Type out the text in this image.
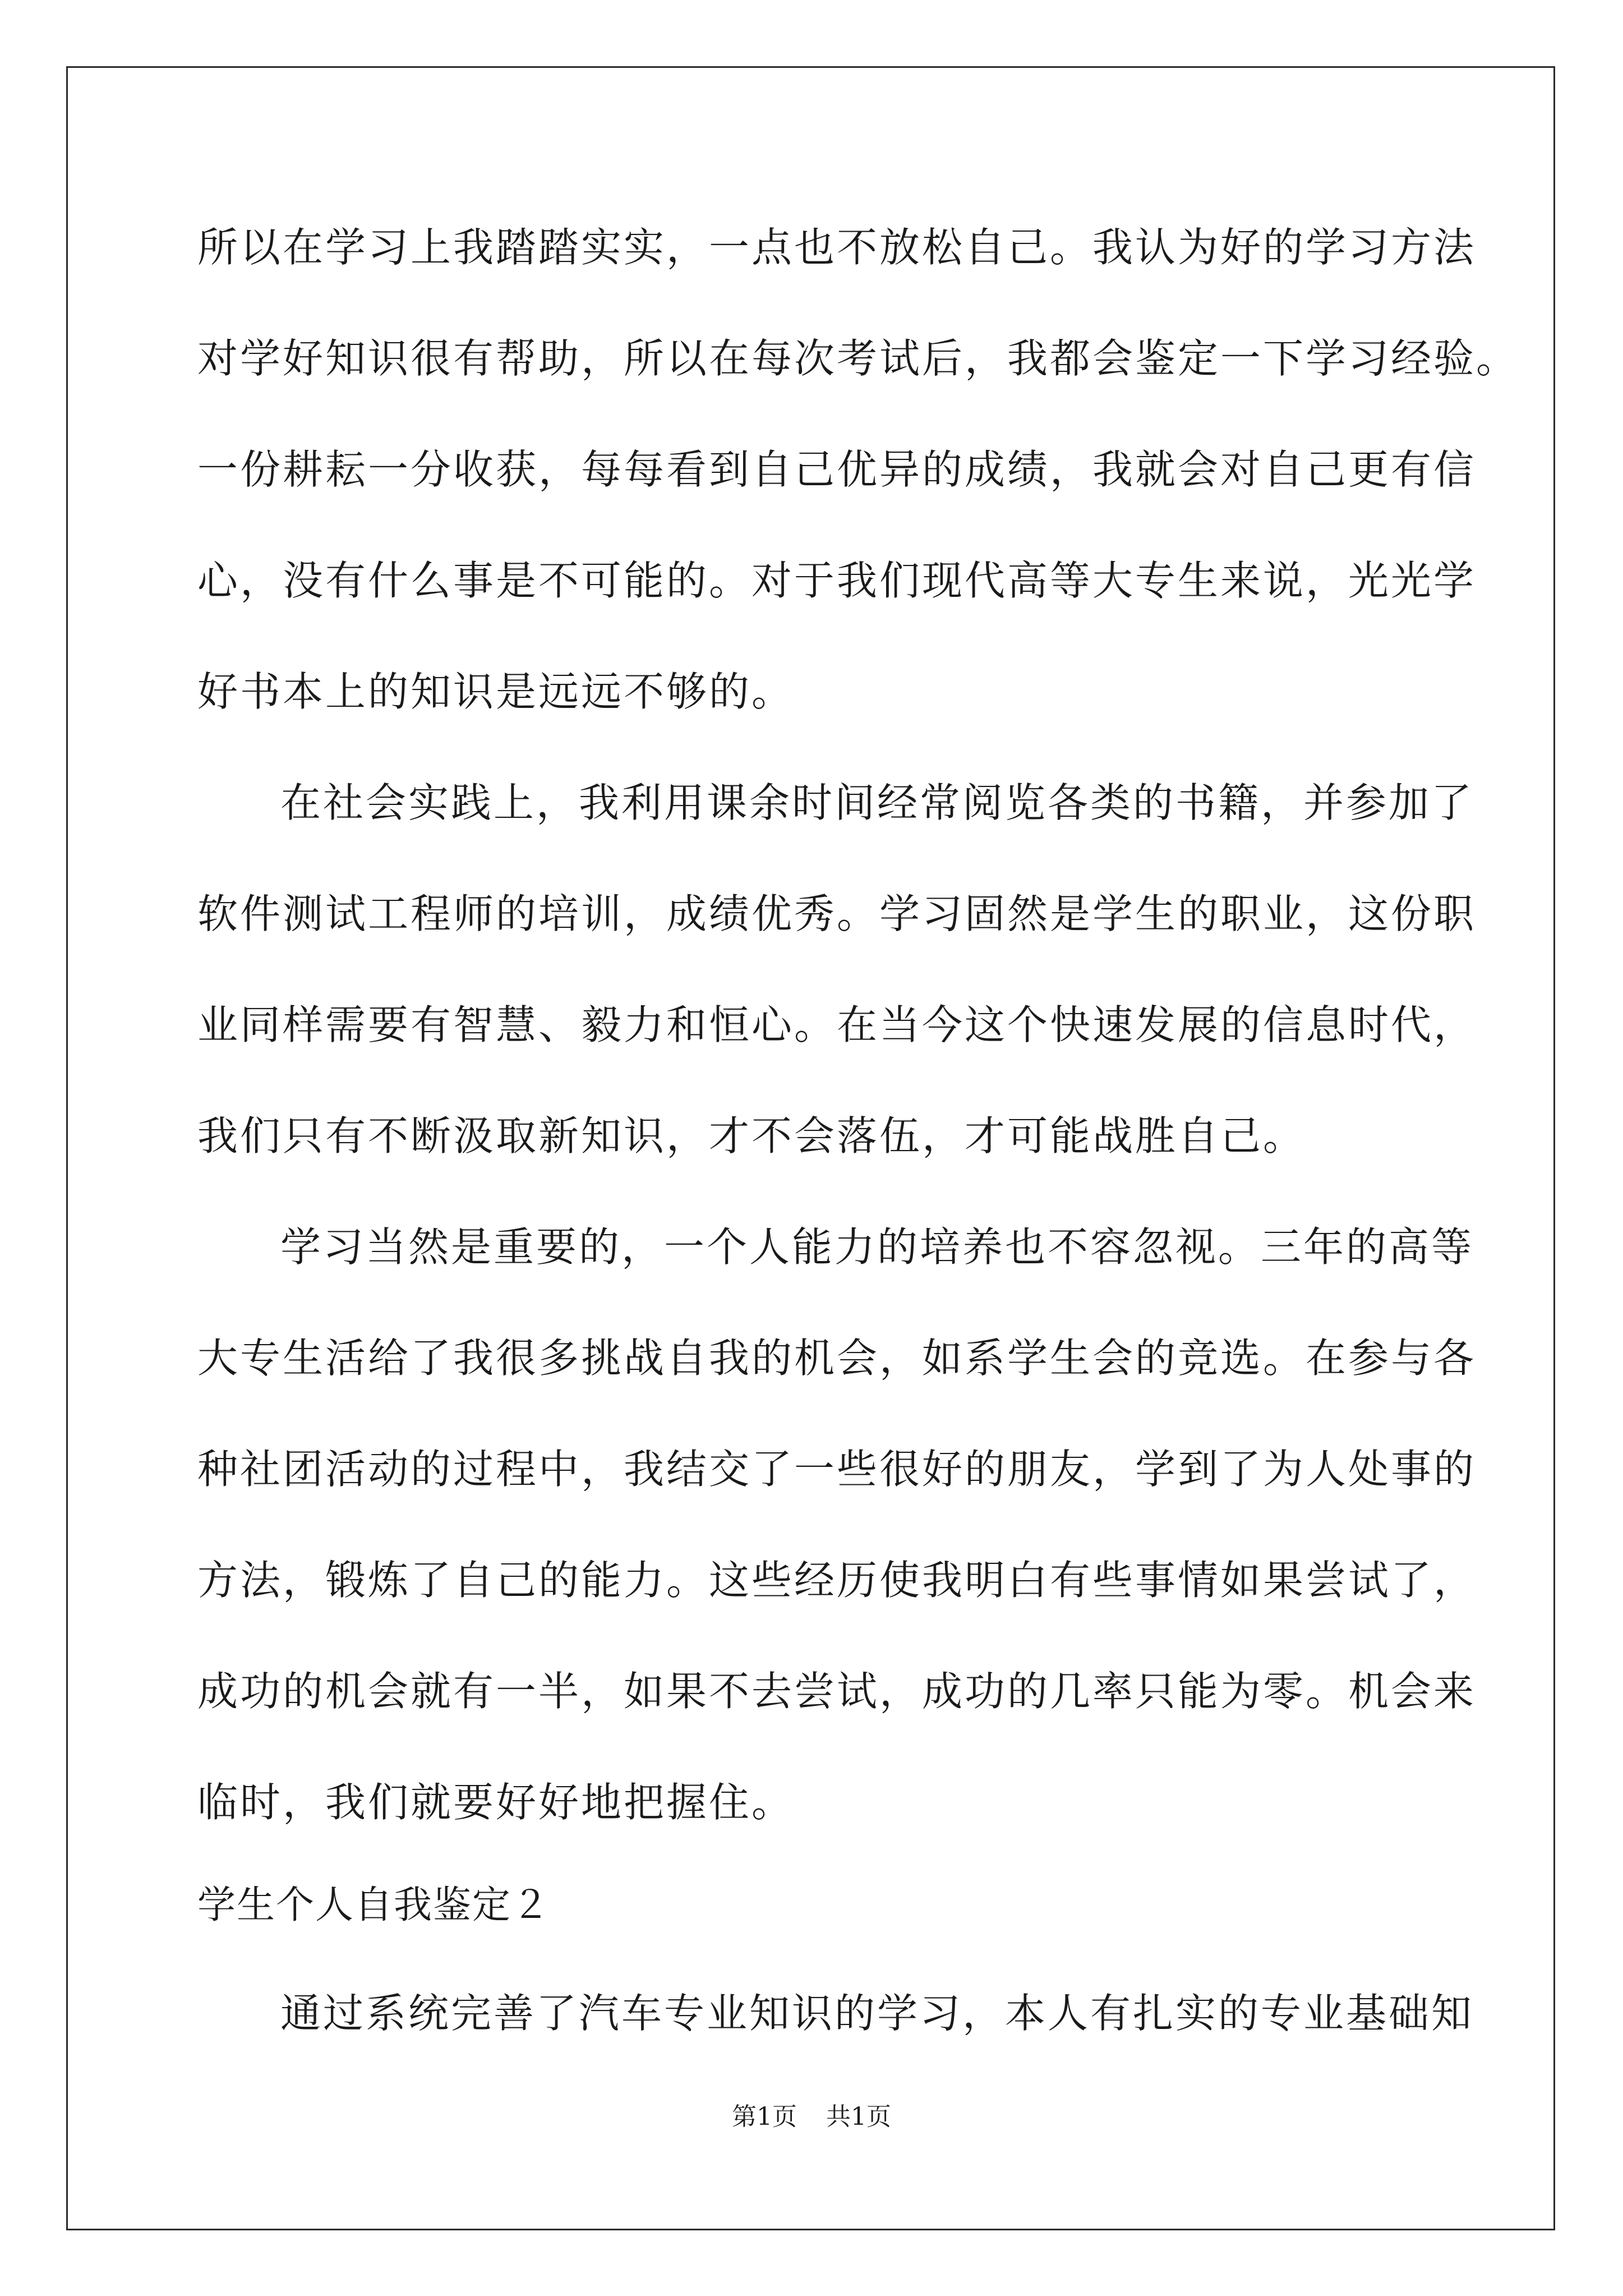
所以在学习上我踏踏实实，一点也不放松自己。我认为好的学习方法
对学好知识很有帮助，所以在每次考试后，我都会鉴定一下学习经验。
一份耕耘一分收获，每每看到自己优异的成绩，我就会对自己更有信
心，没有什么事是不可能的。对于我们现代高等大专生来说，光光学
好书本上的知识是远远不够的。
在社会实践上，我利用课余时间经常阅览各类的书籍，并参加了
软件测试工程师的培训，成绩优秀。学习固然是学生的职业，这份职
业同样需要有智慧、毅力和恒心。在当今这个快速发展的信息时代，
我们只有不断汲取新知识，才不会落伍，才可能战胜自己。
学习当然是重要的，一个人能力的培养也不容忽视。三年的高等
大专生活给了我很多挑战自我的机会，如系学生会的竞选。在参与各
种社团活动的过程中，我结交了一些很好的朋友，学到了为人处事的
方法，锻炼了自己的能力。这些经历使我明白有些事情如果尝试了，
成功的机会就有一半，如果不去尝试，成功的几率只能为零。机会来
临时，我们就要好好地把握住。
学生个人自我鉴定２
通过系统完善了汽车专业知识的学习，本人有扎实的专业基础知
第1页 共1页
